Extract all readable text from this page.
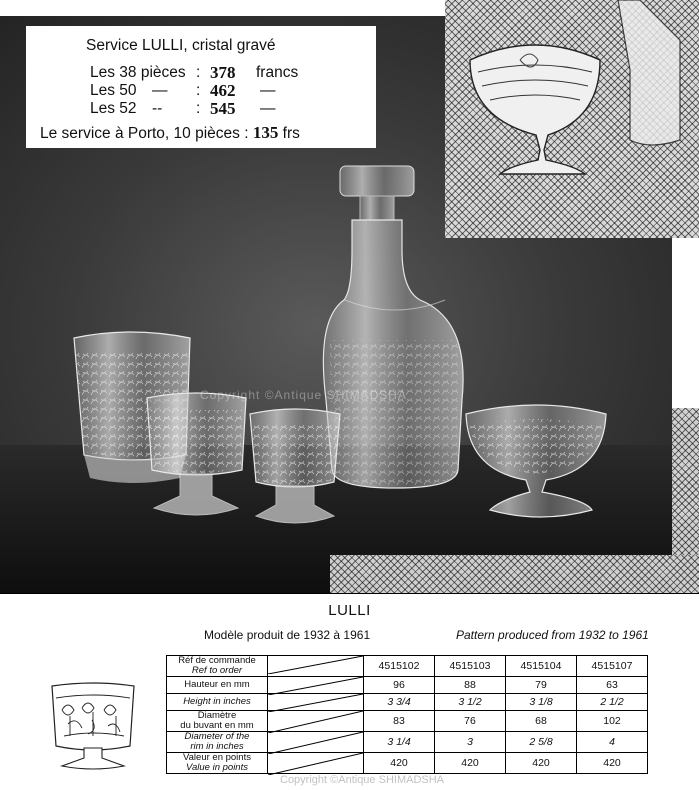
Service LULLI, cristal gravé
Les 38 pièces : 378 francs
Les 50 — : 462 —
Les 52 -- : 545 —
Le service à Porto, 10 pièces : 135 frs
Copyright ©Antique SHIMADSHA
LULLI
Modèle produit de 1932 à 1961	Pattern produced from 1932 to 1961
Réf de commande
Ref to order		4515102	4515103	4515104	4515107
Hauteur en mm		96	88	79	63
Height in inches		3 3/4	3 1/2	3 1/8	2 1/2

Diamètre
du buvant en mm		83	76	68	102

Diameter of the
rim in inches		3 1/4	3	2 5/8	4

Valeur en points
Value in points		420	420	420	420
Copyright ©Antique SHIMADSHA
